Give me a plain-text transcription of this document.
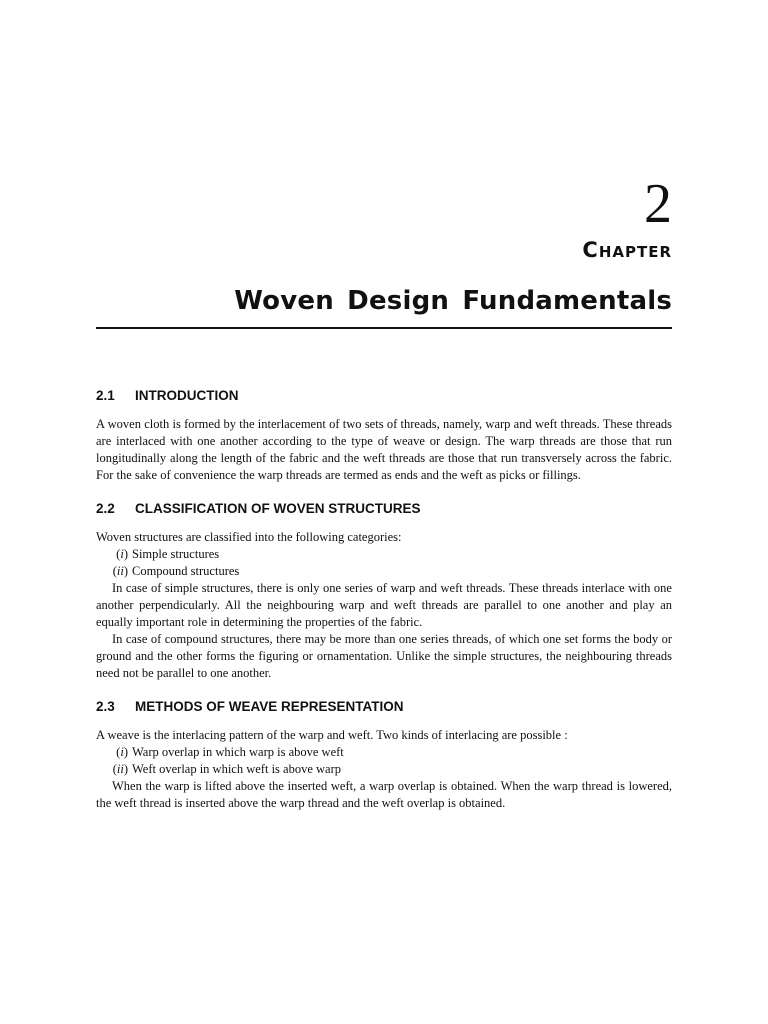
2
CHAPTER
Woven Design Fundamentals
2.1	INTRODUCTION

A woven cloth is formed by the interlacement of two sets of threads, namely, warp and weft threads. These threads are interlaced with one another according to the type of weave or design. The warp threads are those that run longitudinally along the length of the fabric and the weft threads are those that run transversely across the fabric. For the sake of convenience the warp threads are termed as ends and the weft as picks or fillings.

2.2	CLASSIFICATION OF WOVEN STRUCTURES

Woven structures are classified into the following categories:

(i) Simple structures
(ii) Compound structures

In case of simple structures, there is only one series of warp and weft threads. These threads interlace with one another perpendicularly. All the neighbouring warp and weft threads are parallel to one another and play an equally important role in determining the properties of the fabric.

In case of compound structures, there may be more than one series threads, of which one set forms the body or ground and the other forms the figuring or ornamentation. Unlike the simple structures, the neighbouring threads need not be parallel to one another.

2.3	METHODS OF WEAVE REPRESENTATION

A weave is the interlacing pattern of the warp and weft. Two kinds of interlacing are possible :

(i) Warp overlap in which warp is above weft
(ii) Weft overlap in which weft is above warp

When the warp is lifted above the inserted weft, a warp overlap is obtained. When the warp thread is lowered, the weft thread is inserted above the warp thread and the weft overlap is obtained.
